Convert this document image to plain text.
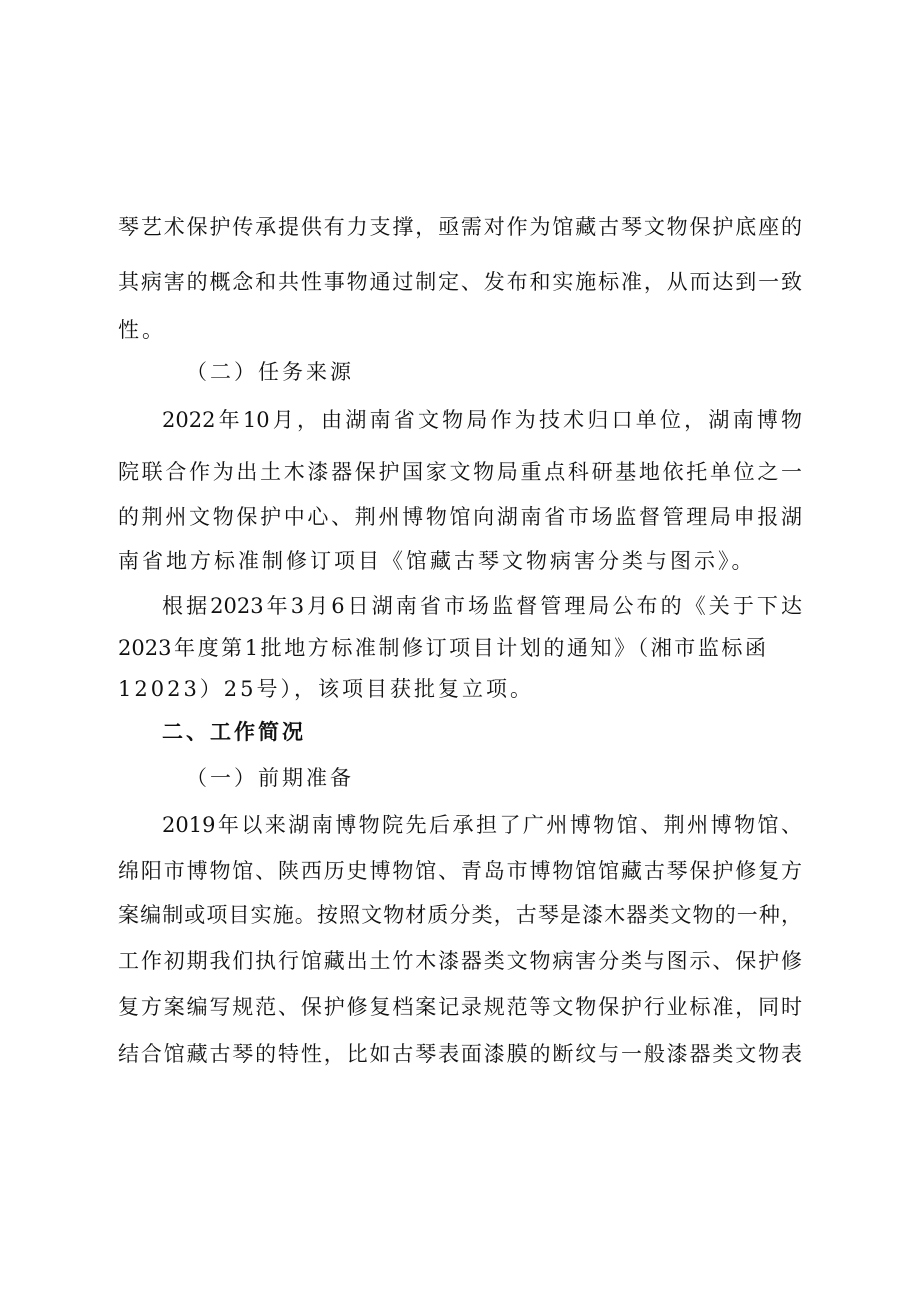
琴艺术保护传承提供有力支撑，亟需对作为馆藏古琴文物保护底座的
其病害的概念和共性事物通过制定、发布和实施标准，从而达到一致
性。
（二）任务来源
2022年10月，由湖南省文物局作为技术归口单位，湖南博物
院联合作为出土木漆器保护国家文物局重点科研基地依托单位之一
的荆州文物保护中心、荆州博物馆向湖南省市场监督管理局申报湖
南省地方标准制修订项目《馆藏古琴文物病害分类与图示》。
根据2023年3月6日湖南省市场监督管理局公布的《关于下达
2023年度第1批地方标准制修订项目计划的通知》（湘市监标函
12023）25号），该项目获批复立项。
二、工作简况
（一）前期准备
2019年以来湖南博物院先后承担了广州博物馆、荆州博物馆、
绵阳市博物馆、陕西历史博物馆、青岛市博物馆馆藏古琴保护修复方
案编制或项目实施。按照文物材质分类，古琴是漆木器类文物的一种，
工作初期我们执行馆藏出土竹木漆器类文物病害分类与图示、保护修
复方案编写规范、保护修复档案记录规范等文物保护行业标准，同时
结合馆藏古琴的特性，比如古琴表面漆膜的断纹与一般漆器类文物表
